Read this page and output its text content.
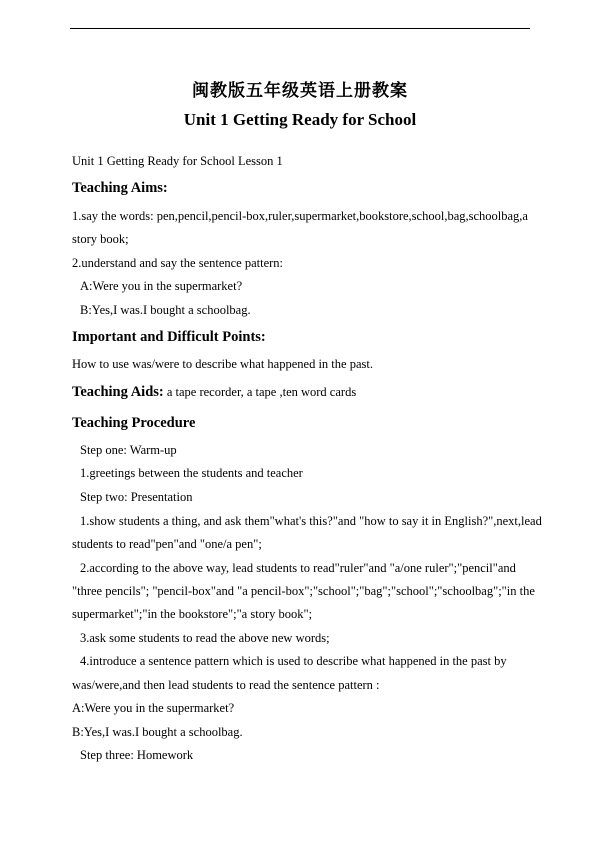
闽教版五年级英语上册教案
Unit 1 Getting Ready for School
Unit 1 Getting Ready for School Lesson 1
Teaching Aims:
1.say the words: pen,pencil,pencil-box,ruler,supermarket,bookstore,school,bag,schoolbag,a
story book;
2.understand and say the sentence pattern:
A:Were you in the supermarket?
B:Yes,I was.I bought a schoolbag.
Important and Difficult Points:
How to use was/were to describe what happened in the past.
Teaching Aids: a tape recorder, a tape ,ten word cards
Teaching Procedure
Step one: Warm-up
1.greetings between the students and teacher
Step two: Presentation
1.show students a thing, and ask them"what's this?"and "how to say it in English?",next,lead
students to read"pen"and "one/a pen";
2.according to the above way, lead students to read"ruler"and "a/one ruler";"pencil"and
"three pencils"; "pencil-box"and "a pencil-box";"school";"bag";"school";"schoolbag";"in the
supermarket";"in the bookstore";"a story book";
3.ask some students to read the above new words;
4.introduce a sentence pattern which is used to describe what happened in the past by
was/were,and then lead students to read the sentence pattern :
A:Were you in the supermarket?
B:Yes,I was.I bought a schoolbag.
Step three: Homework
